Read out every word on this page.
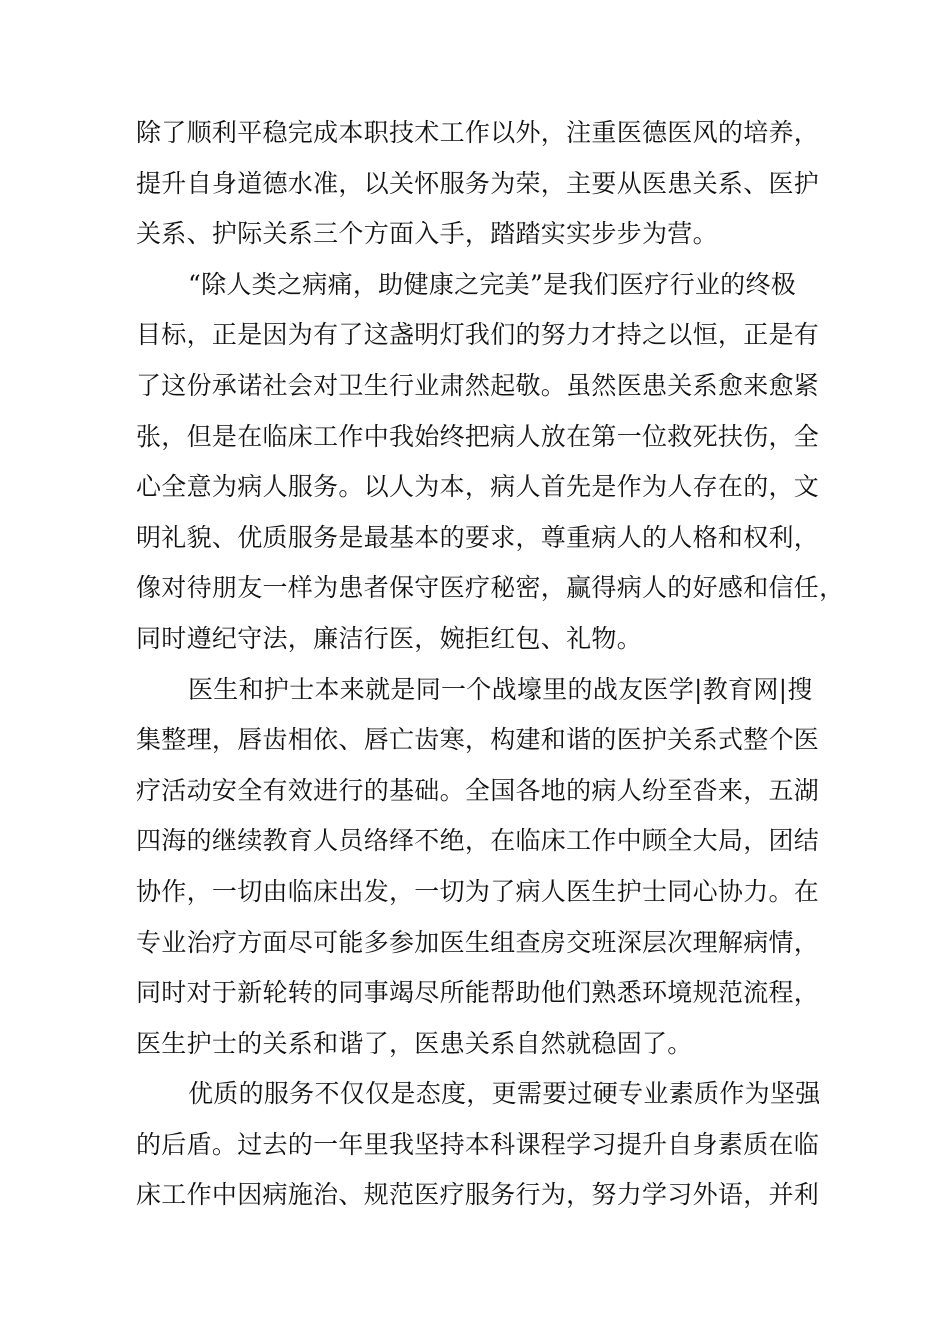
除了顺利平稳完成本职技术工作以外，注重医德医风的培养，
提升自身道德水准，以关怀服务为荣，主要从医患关系、医护
关系、护际关系三个方面入手，踏踏实实步步为营。
“除人类之病痛，助健康之完美”是我们医疗行业的终极
目标，正是因为有了这盏明灯我们的努力才持之以恒，正是有
了这份承诺社会对卫生行业肃然起敬。虽然医患关系愈来愈紧
张，但是在临床工作中我始终把病人放在第一位救死扶伤，全
心全意为病人服务。以人为本，病人首先是作为人存在的，文
明礼貌、优质服务是最基本的要求，尊重病人的人格和权利，
像对待朋友一样为患者保守医疗秘密，赢得病人的好感和信任，
同时遵纪守法，廉洁行医，婉拒红包、礼物。
医生和护士本来就是同一个战壕里的战友医学|教育网|搜
集整理，唇齿相依、唇亡齿寒，构建和谐的医护关系式整个医
疗活动安全有效进行的基础。全国各地的病人纷至沓来，五湖
四海的继续教育人员络绎不绝，在临床工作中顾全大局，团结
协作，一切由临床出发，一切为了病人医生护士同心协力。在
专业治疗方面尽可能多参加医生组查房交班深层次理解病情，
同时对于新轮转的同事竭尽所能帮助他们熟悉环境规范流程，
医生护士的关系和谐了，医患关系自然就稳固了。
优质的服务不仅仅是态度，更需要过硬专业素质作为坚强
的后盾。过去的一年里我坚持本科课程学习提升自身素质在临
床工作中因病施治、规范医疗服务行为，努力学习外语，并利
